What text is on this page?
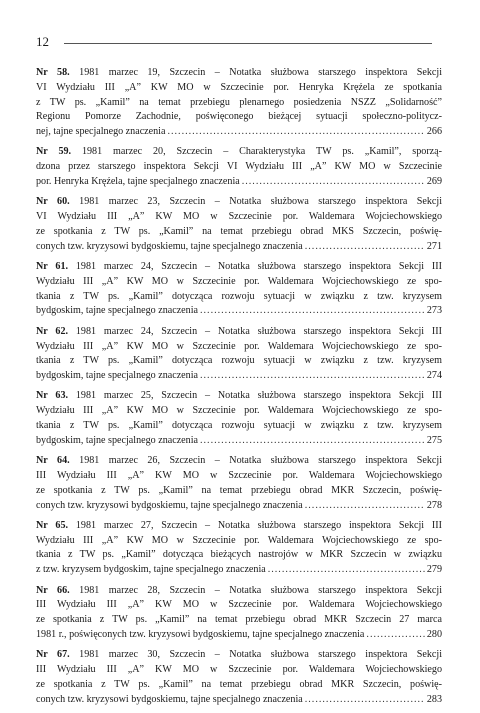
12
Nr 58. 1981 marzec 19, Szczecin – Notatka służbowa starszego inspektora Sekcji
VI Wydziału III „A” KW MO w Szczecinie por. Henryka Kręźela ze spotkania
z TW ps. „Kamil” na temat przebiegu plenarnego posiedzenia NSZZ „Solidarność”
Regionu Pomorze Zachodnie, poświęconego bieżącej sytuacji społeczno-politycz-
nej, tajne specjalnego znaczenia .....	266
Nr 59. 1981 marzec 20, Szczecin – Charakterystyka TW ps. „Kamil”, sporzą-
dzona przez starszego inspektora Sekcji VI Wydziału III „A” KW MO w Szczecinie
por. Henryka Kręźela, tajne specjalnego znaczenia .....	269
Nr 60. 1981 marzec 23, Szczecin – Notatka służbowa starszego inspektora Sekcji
VI Wydziału III „A” KW MO w Szczecinie por. Waldemara Wojciechowskiego
ze spotkania z TW ps. „Kamil” na temat przebiegu obrad MKS Szczecin, poświę-
conych tzw. kryzysowi bydgoskiemu, tajne specjalnego znaczenia .....	271
Nr 61. 1981 marzec 24, Szczecin – Notatka służbowa starszego inspektora Sekcji III
Wydziału III „A” KW MO w Szczecinie por. Waldemara Wojciechowskiego ze spo-
tkania z TW ps. „Kamil” dotycząca rozwoju sytuacji w związku z tzw. kryzysem
bydgoskim, tajne specjalnego znaczenia .....	273
Nr 62. 1981 marzec 24, Szczecin – Notatka służbowa starszego inspektora Sekcji III
Wydziału III „A” KW MO w Szczecinie por. Waldemara Wojciechowskiego ze spo-
tkania z TW ps. „Kamil” dotycząca rozwoju sytuacji w związku z tzw. kryzysem
bydgoskim, tajne specjalnego znaczenia .....	274
Nr 63. 1981 marzec 25, Szczecin – Notatka służbowa starszego inspektora Sekcji III
Wydziału III „A” KW MO w Szczecinie por. Waldemara Wojciechowskiego ze spo-
tkania z TW ps. „Kamil” dotycząca rozwoju sytuacji w związku z tzw. kryzysem
bydgoskim, tajne specjalnego znaczenia .....	275
Nr 64. 1981 marzec 26, Szczecin – Notatka służbowa starszego inspektora Sekcji
III Wydziału III „A” KW MO w Szczecinie por. Waldemara Wojciechowskiego
ze spotkania z TW ps. „Kamil” na temat przebiegu obrad MKR Szczecin, poświę-
conych tzw. kryzysowi bydgoskiemu, tajne specjalnego znaczenia .....	278
Nr 65. 1981 marzec 27, Szczecin – Notatka służbowa starszego inspektora Sekcji III
Wydziału III „A” KW MO w Szczecinie por. Waldemara Wojciechowskiego ze spo-
tkania z TW ps. „Kamil” dotycząca bieżących nastrojów w MKR Szczecin w związku
z tzw. kryzysem bydgoskim, tajne specjalnego znaczenia .....	279
Nr 66. 1981 marzec 28, Szczecin – Notatka służbowa starszego inspektora Sekcji
III Wydziału III „A” KW MO w Szczecinie por. Waldemara Wojciechowskiego
ze spotkania z TW ps. „Kamil” na temat przebiegu obrad MKR Szczecin 27 marca
1981 r., poświęconych tzw. kryzysowi bydgoskiemu, tajne specjalnego znaczenia .....	280
Nr 67. 1981 marzec 30, Szczecin – Notatka służbowa starszego inspektora Sekcji
III Wydziału III „A” KW MO w Szczecinie por. Waldemara Wojciechowskiego
ze spotkania z TW ps. „Kamil” na temat przebiegu obrad MKR Szczecin, poświę-
conych tzw. kryzysowi bydgoskiemu, tajne specjalnego znaczenia .....	283
